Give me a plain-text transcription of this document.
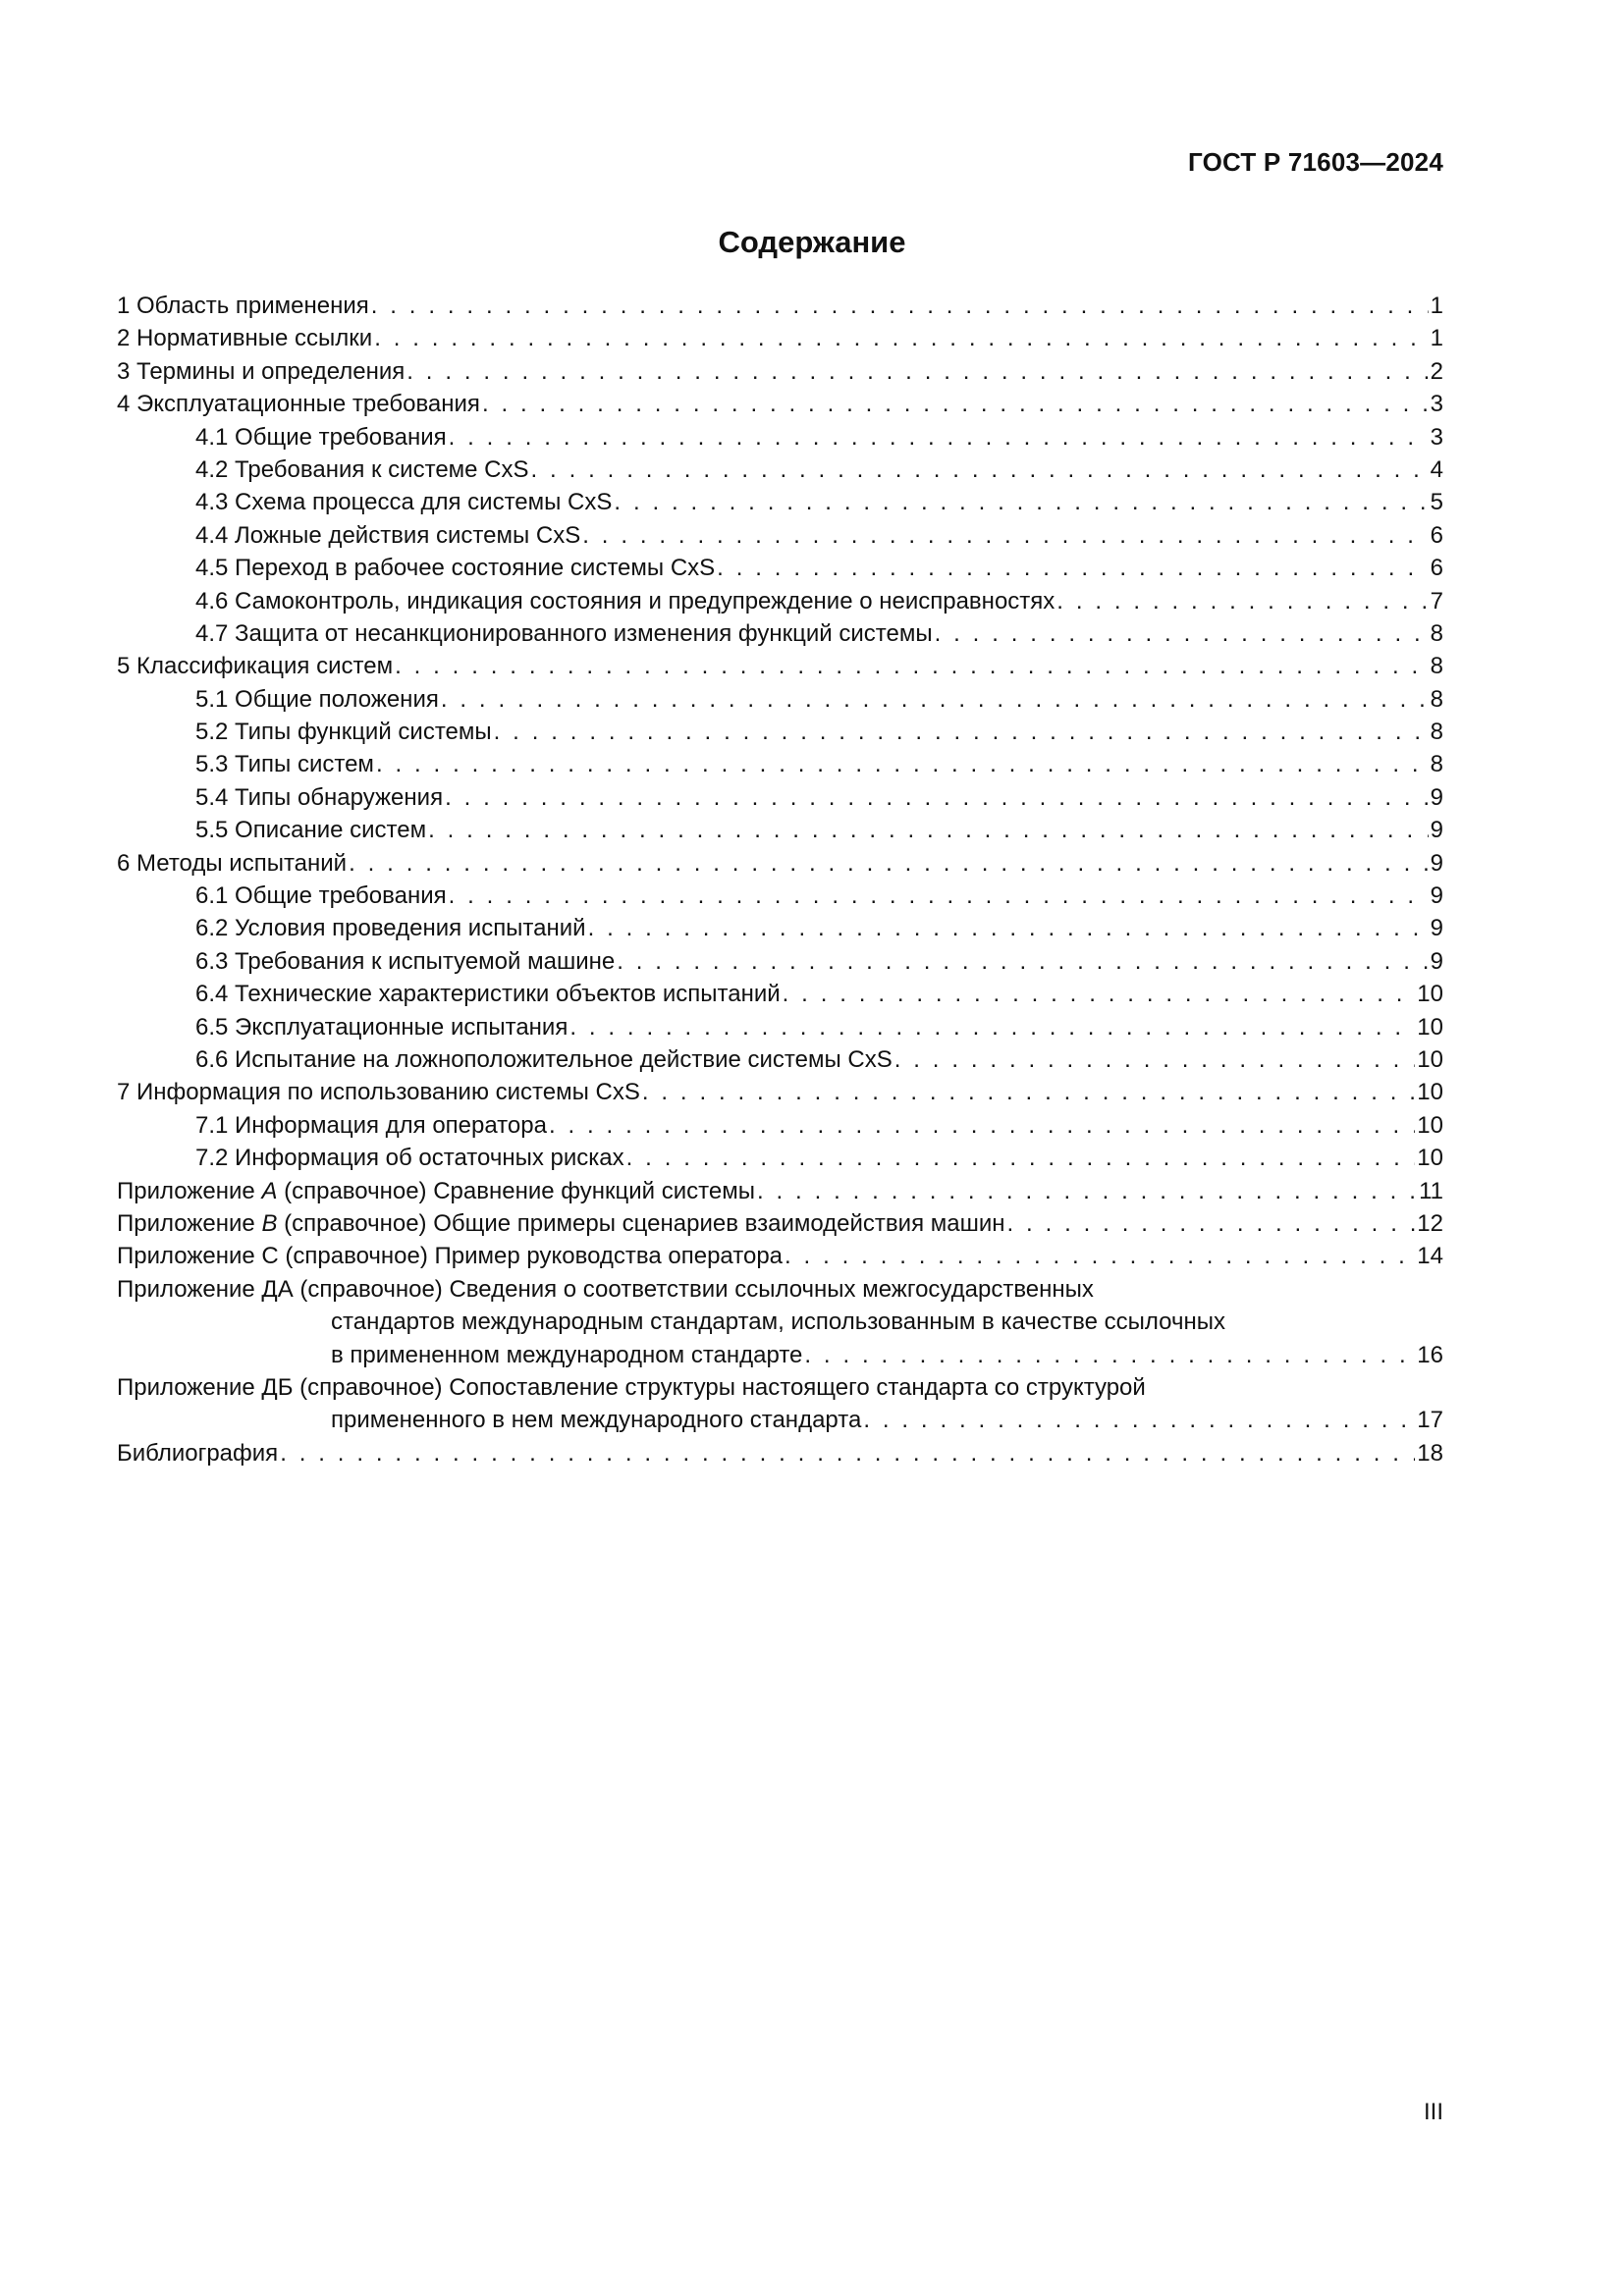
ГОСТ Р 71603—2024
Содержание
1 Область применения . . .	1
2 Нормативные ссылки . . .	1
3 Термины и определения . . .	2
4 Эксплуатационные требования . . .	3
4.1 Общие требования . . .	3
4.2 Требования к системе CxS . . .	4
4.3 Схема процесса для системы CxS . . .	5
4.4 Ложные действия системы CxS . . .	6
4.5 Переход в рабочее состояние системы CxS . . .	6
4.6 Самоконтроль, индикация состояния и предупреждение о неисправностях . . .	7
4.7 Защита от несанкционированного изменения функций системы . . .	8
5 Классификация систем . . .	8
5.1 Общие положения . . .	8
5.2 Типы функций системы . . .	8
5.3 Типы систем . . .	8
5.4 Типы обнаружения . . .	9
5.5 Описание систем . . .	9
6 Методы испытаний . . .	9
6.1 Общие требования . . .	9
6.2 Условия проведения испытаний . . .	9
6.3 Требования к испытуемой машине . . .	9
6.4 Технические характеристики объектов испытаний . . .	10
6.5 Эксплуатационные испытания . . .	10
6.6 Испытание на ложноположительное действие системы CxS . . .	10
7 Информация по использованию системы CxS . . .	10
7.1 Информация для оператора . . .	10
7.2 Информация об остаточных рисках . . .	10
Приложение А (справочное) Сравнение функций системы . . .	11
Приложение В (справочное) Общие примеры сценариев взаимодействия машин . . .	12
Приложение С (справочное) Пример руководства оператора . . .	14
Приложение ДА (справочное) Сведения о соответствии ссылочных межгосударственных
стандартов международным стандартам, использованным в качестве ссылочных
в примененном международном стандарте . . .	16
Приложение ДБ (справочное) Сопоставление структуры настоящего стандарта со структурой
примененного в нем международного стандарта . . .	17
Библиография . . .	18
III
